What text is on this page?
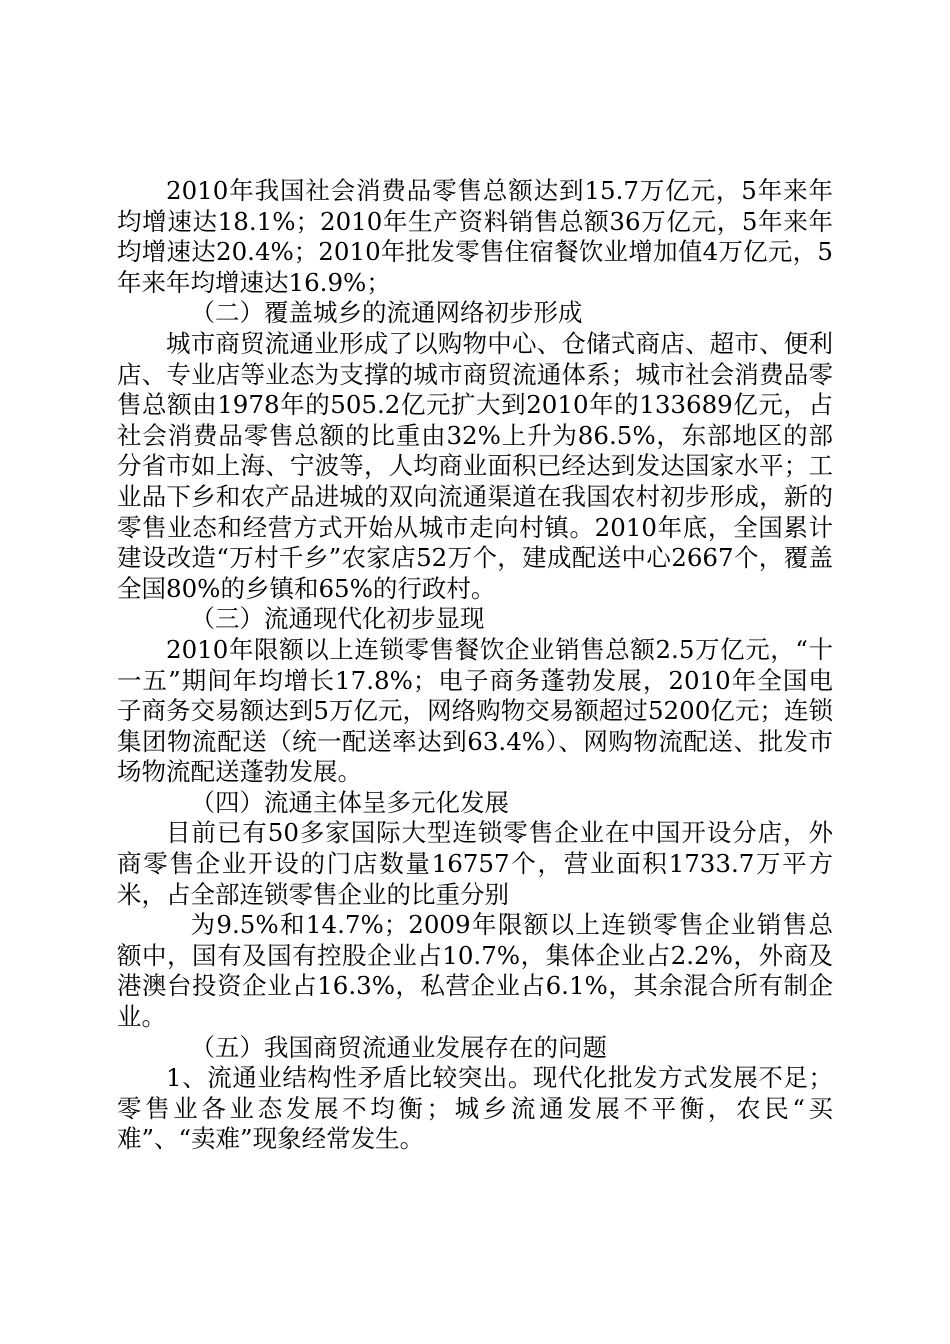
2010年我国社会消费品零售总额达到15.7万亿元，5年来年均增速达18.1%；2010年生产资料销售总额36万亿元，5年来年均增速达20.4%；2010年批发零售住宿餐饮业增加值4万亿元，5年来年均增速达16.9%；

（二）覆盖城乡的流通网络初步形成

城市商贸流通业形成了以购物中心、仓储式商店、超市、便利店、专业店等业态为支撑的城市商贸流通体系；城市社会消费品零售总额由1978年的505.2亿元扩大到2010年的133689亿元，占社会消费品零售总额的比重由32%上升为86.5%，东部地区的部分省市如上海、宁波等，人均商业面积已经达到发达国家水平；工业品下乡和农产品进城的双向流通渠道在我国农村初步形成，新的零售业态和经营方式开始从城市走向村镇。2010年底，全国累计建设改造“万村千乡”农家店52万个，建成配送中心2667个，覆盖全国80%的乡镇和65%的行政村。

（三）流通现代化初步显现

2010年限额以上连锁零售餐饮企业销售总额2.5万亿元，“十一五”期间年均增长17.8%；电子商务蓬勃发展，2010年全国电子商务交易额达到5万亿元，网络购物交易额超过5200亿元；连锁集团物流配送（统一配送率达到63.4%）、网购物流配送、批发市场物流配送蓬勃发展。

（四）流通主体呈多元化发展

目前已有50多家国际大型连锁零售企业在中国开设分店，外商零售企业开设的门店数量16757个，营业面积1733.7万平方米，占全部连锁零售企业的比重分别

为9.5%和14.7%；2009年限额以上连锁零售企业销售总额中，国有及国有控股企业占10.7%，集体企业占2.2%，外商及港澳台投资企业占16.3%，私营企业占6.1%，其余混合所有制企业。

（五）我国商贸流通业发展存在的问题

1、流通业结构性矛盾比较突出。现代化批发方式发展不足；零售业各业态发展不均衡；城乡流通发展不平衡，农民“买难”、“卖难”现象经常发生。
